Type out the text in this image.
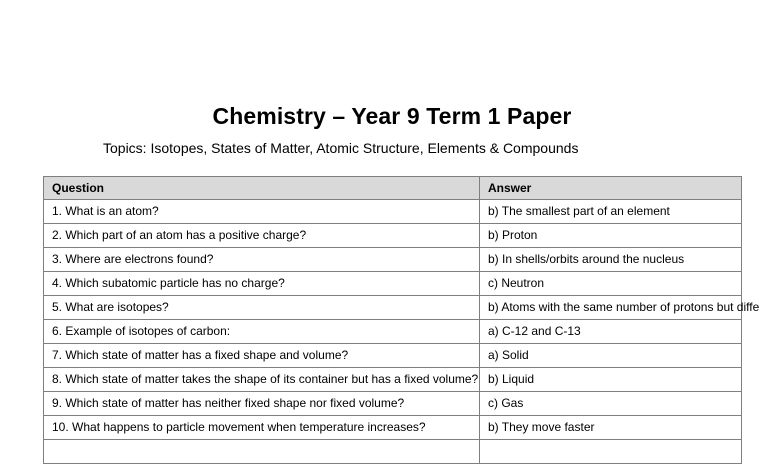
Chemistry – Year 9 Term 1 Paper

Topics: Isotopes, States of Matter, Atomic Structure, Elements & Compounds

Question	Answer
1. What is an atom?	b) The smallest part of an element
2. Which part of an atom has a positive charge?	b) Proton
3. Where are electrons found?	b) In shells/orbits around the nucleus
4. Which subatomic particle has no charge?	c) Neutron
5. What are isotopes?	b) Atoms with the same number of protons but diffe
6. Example of isotopes of carbon:	a) C-12 and C-13
7. Which state of matter has a fixed shape and volume?	a) Solid
8. Which state of matter takes the shape of its container but has a fixed volume?	b) Liquid
9. Which state of matter has neither fixed shape nor fixed volume?	c) Gas
10. What happens to particle movement when temperature increases?	b) They move faster
